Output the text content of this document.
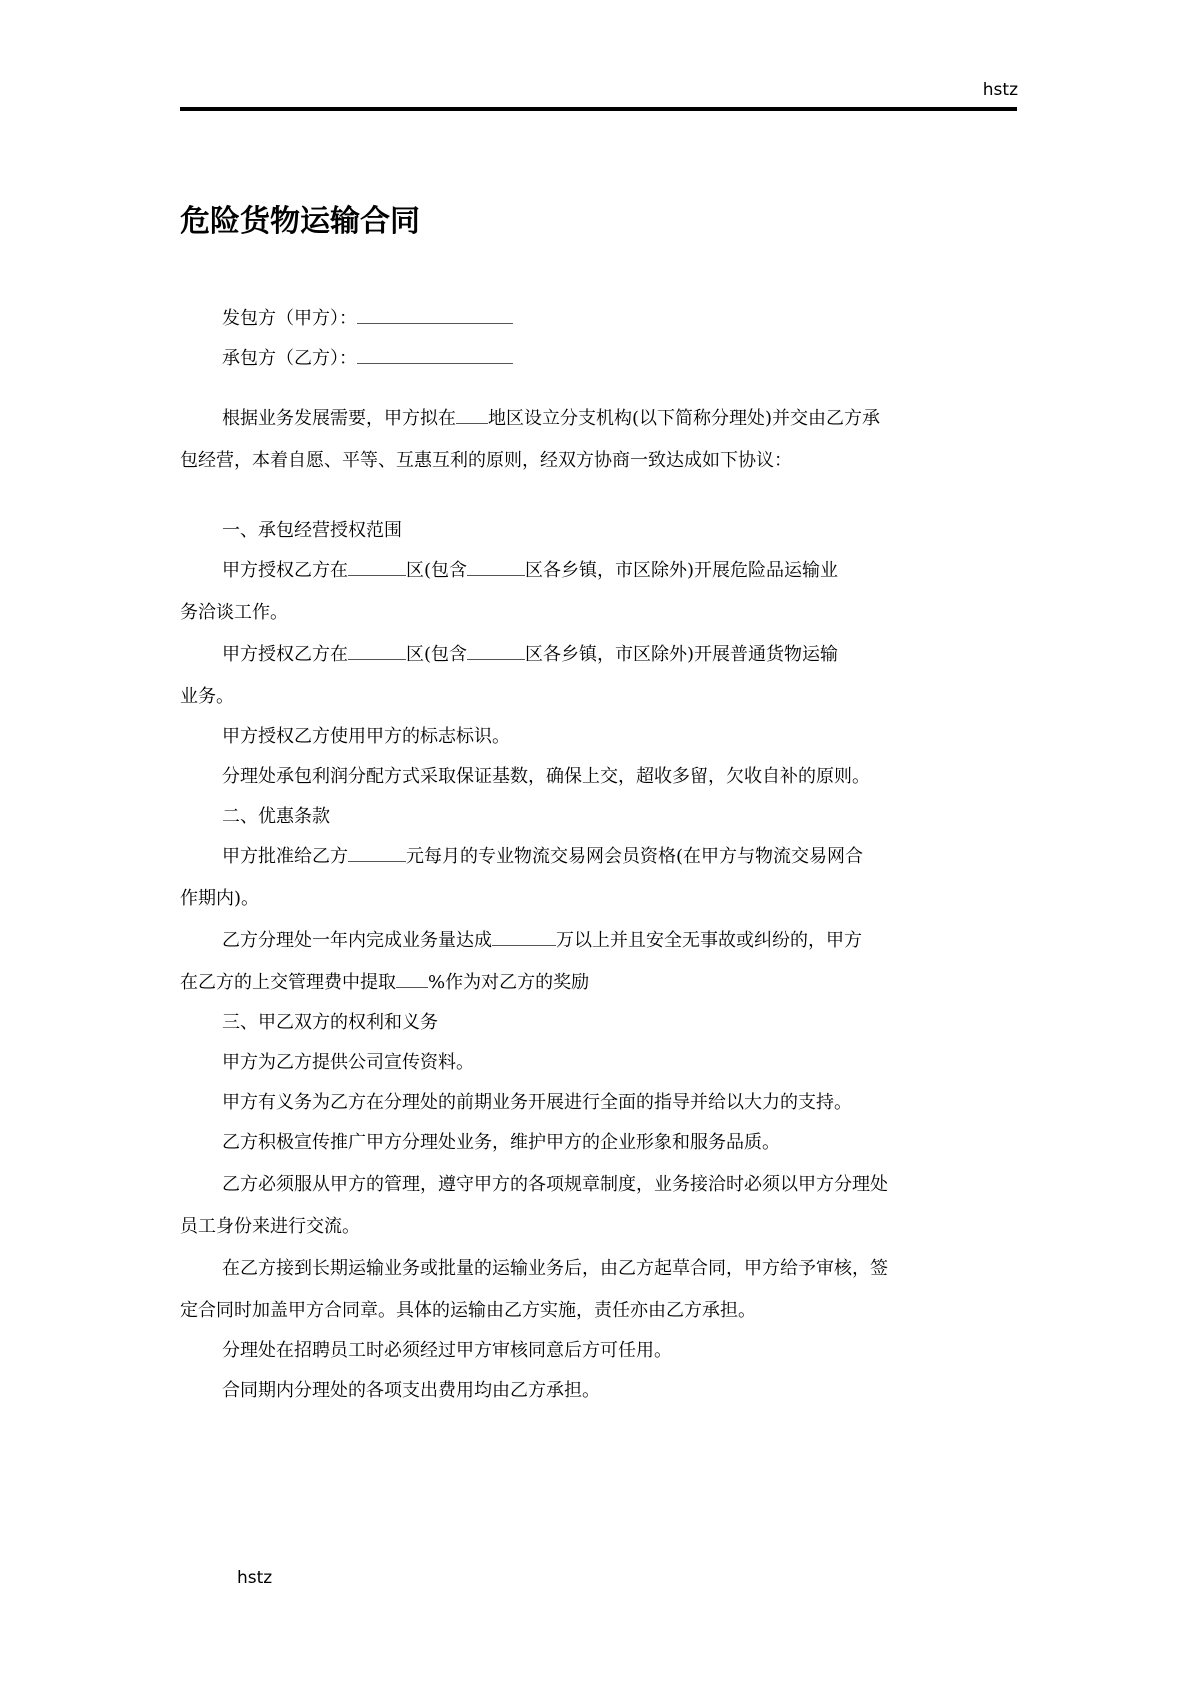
hstz
危险货物运输合同
发包方（甲方）：
承包方（乙方）：
根据业务发展需要，甲方拟在 地区设立分支机构(以下简称分理处)并交由乙方承
包经营，本着自愿、平等、互惠互利的原则，经双方协商一致达成如下协议：
一、承包经营授权范围
甲方授权乙方在	区(包含	区各乡镇，市区除外)开展危险品运输业
务洽谈工作。
甲方授权乙方在	区(包含	区各乡镇，市区除外)开展普通货物运输
业务。
甲方授权乙方使用甲方的标志标识。
分理处承包利润分配方式采取保证基数，确保上交，超收多留，欠收自补的原则。
二、优惠条款
甲方批准给乙方	元每月的专业物流交易网会员资格(在甲方与物流交易网合
作期内)。
乙方分理处一年内完成业务量达成	万以上并且安全无事故或纠纷的，甲方
在乙方的上交管理费中提取 %作为对乙方的奖励
三、甲乙双方的权利和义务
甲方为乙方提供公司宣传资料。
甲方有义务为乙方在分理处的前期业务开展进行全面的指导并给以大力的支持。
乙方积极宣传推广甲方分理处业务，维护甲方的企业形象和服务品质。
乙方必须服从甲方的管理，遵守甲方的各项规章制度，业务接洽时必须以甲方分理处
员工身份来进行交流。
在乙方接到长期运输业务或批量的运输业务后，由乙方起草合同，甲方给予审核，签
定合同时加盖甲方合同章。具体的运输由乙方实施，责任亦由乙方承担。
分理处在招聘员工时必须经过甲方审核同意后方可任用。
合同期内分理处的各项支出费用均由乙方承担。
hstz
